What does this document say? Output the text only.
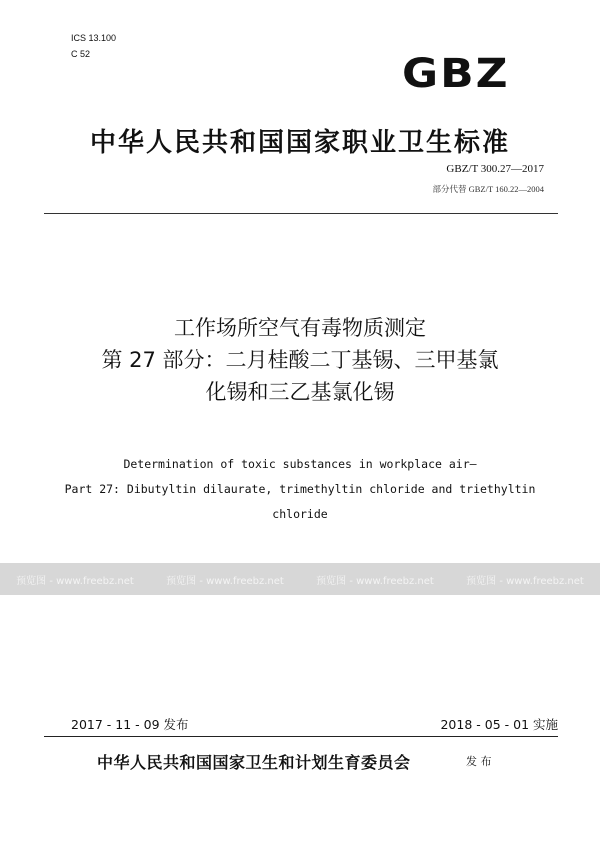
ICS 13.100
C 52	GBZ
中华人民共和国国家职业卫生标准
GBZ/T 300.27—2017
部分代替 GBZ/T 160.22—2004
工作场所空气有毒物质测定
第 27 部分：二月桂酸二丁基锡、三甲基氯
化锡和三乙基氯化锡
Determination of toxic substances in workplace air—
Part 27: Dibutyltin dilaurate, trimethyltin chloride and triethyltin
chloride
预览图 - www.freebz.net	预览图 - www.freebz.net	预览图 - www.freebz.net	预览图 - www.freebz.net
2017 - 11 - 09 发布	2018 - 05 - 01 实施
中华人民共和国国家卫生和计划生育委员会	发 布
